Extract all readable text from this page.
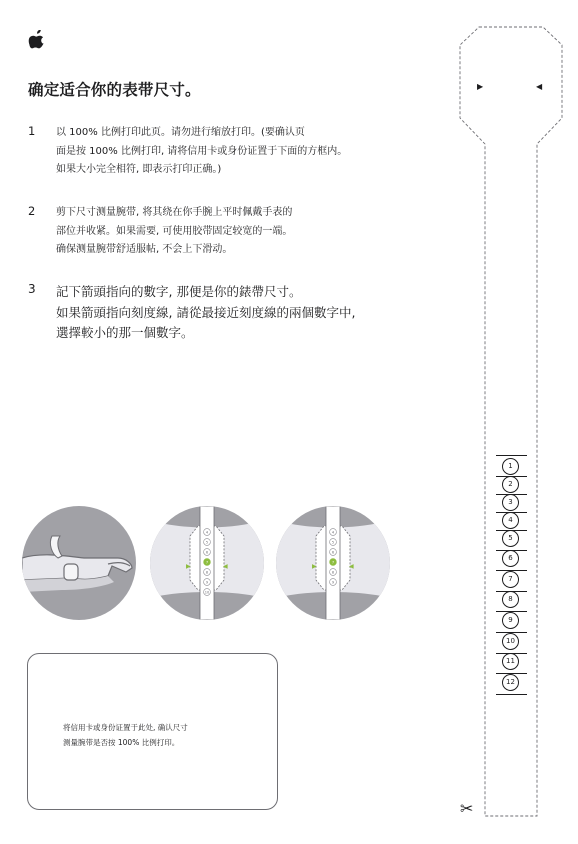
确定适合你的表带尺寸。
1 以 100% 比例打印此页。请勿进行缩放打印。(要确认页
面是按 100% 比例打印, 请将信用卡或身份证置于下面的方框内。
如果大小完全相符, 即表示打印正确。)
2 剪下尺寸测量腕带, 将其绕在你手腕上平时佩戴手表的
部位并收紧。如果需要, 可使用胶带固定较宽的一端。
确保测量腕带舒适服帖, 不会上下滑动。
3 記下箭頭指向的數字, 那便是你的錶帶尺寸。
如果箭頭指向刻度線, 請從最接近刻度線的兩個數字中,
選擇較小的那一個數字。
▶	◀
4
5
6
7
8
9
10
▶	◀
4
5
6
7
8
9
将信用卡或身份证置于此处, 确认尺寸
测量腕带是否按 100% 比例打印。
▶	◀
1
2
3
4
5
6
7
8
9
10
11
12
✂
